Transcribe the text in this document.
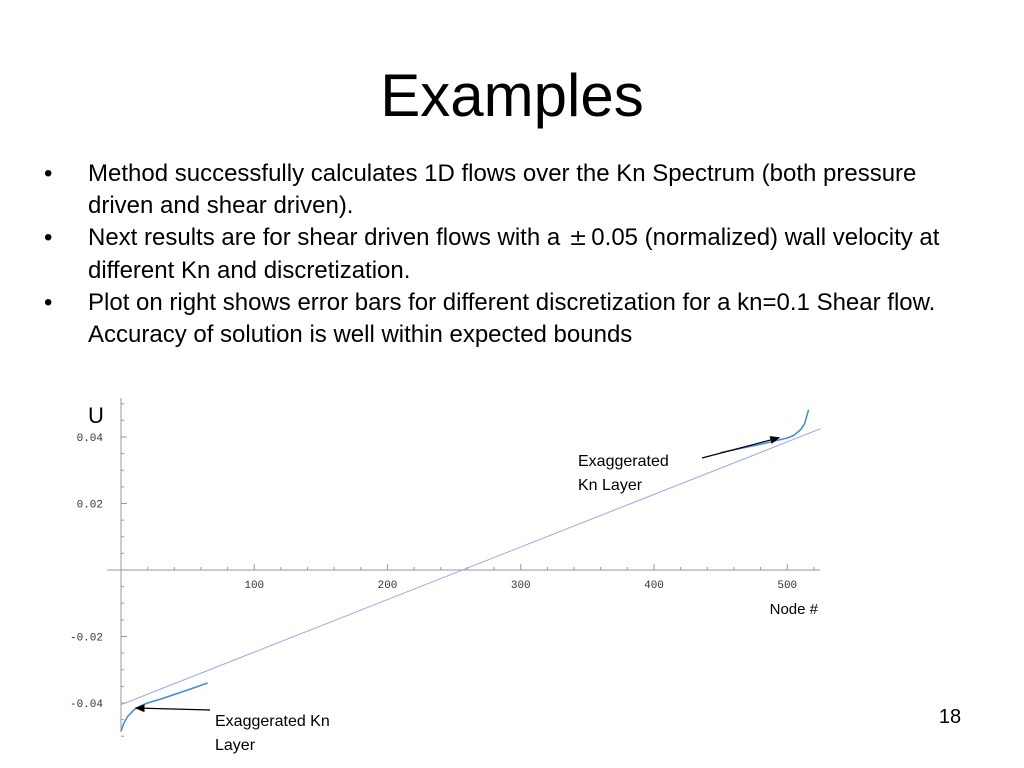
Examples
• Method successfully calculates 1D flows over the Kn Spectrum (both pressure driven and shear driven).
• Next results are for shear driven flows with a ± 0.05 (normalized) wall velocity at different Kn and discretization.
• Plot on right shows error bars for different discretization for a kn=0.1 Shear flow. Accuracy of solution is well within expected bounds
100	200	300	400	500
0.04
0.02
-0.02
-0.04
Exaggerated
Kn Layer
Exaggerated Kn
Layer
U
Node #
18
